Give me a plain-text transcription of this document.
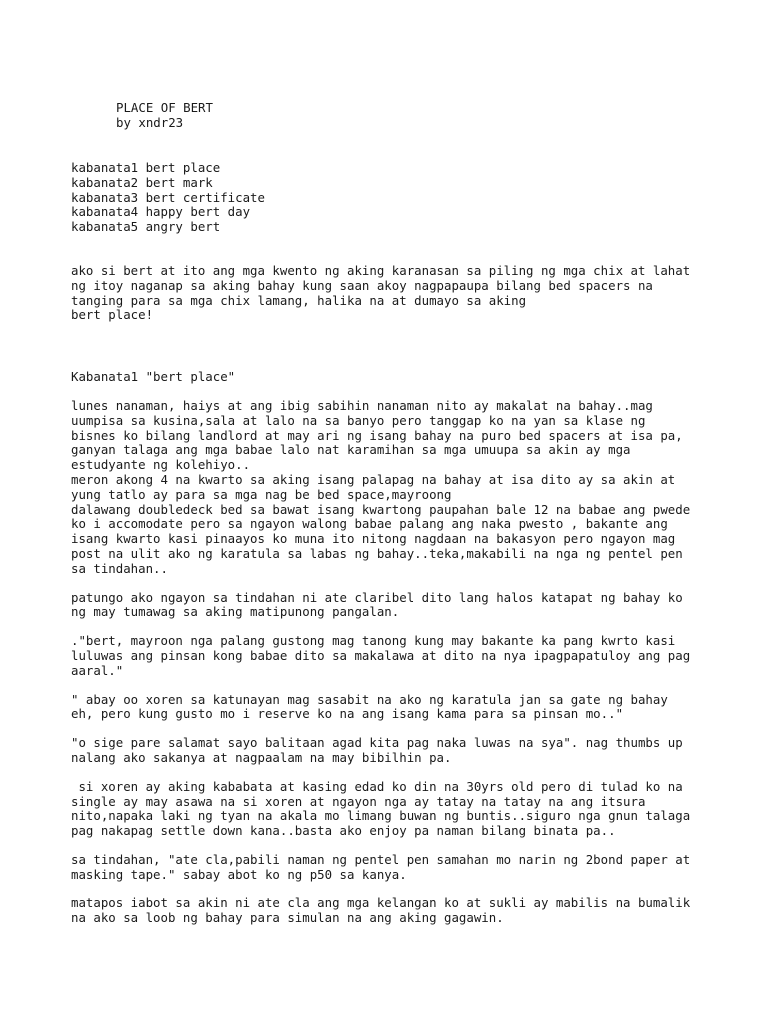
PLACE OF BERT
by xndr23
kabanata1 bert place
kabanata2 bert mark
kabanata3 bert certificate
kabanata4 happy bert day
kabanata5 angry bert
ako si bert at ito ang mga kwento ng aking karanasan sa piling ng mga chix at lahat
ng itoy naganap sa aking bahay kung saan akoy nagpapaupa bilang bed spacers na
tanging para sa mga chix lamang, halika na at dumayo sa aking
bert place!
Kabanata1 "bert place"
lunes nanaman, haiys at ang ibig sabihin nanaman nito ay makalat na bahay..mag
uumpisa sa kusina,sala at lalo na sa banyo pero tanggap ko na yan sa klase ng
bisnes ko bilang landlord at may ari ng isang bahay na puro bed spacers at isa pa,
ganyan talaga ang mga babae lalo nat karamihan sa mga umuupa sa akin ay mga
estudyante ng kolehiyo..
meron akong 4 na kwarto sa aking isang palapag na bahay at isa dito ay sa akin at
yung tatlo ay para sa mga nag be bed space,mayroong
dalawang doubledeck bed sa bawat isang kwartong paupahan bale 12 na babae ang pwede
ko i accomodate pero sa ngayon walong babae palang ang naka pwesto , bakante ang
isang kwarto kasi pinaayos ko muna ito nitong nagdaan na bakasyon pero ngayon mag
post na ulit ako ng karatula sa labas ng bahay..teka,makabili na nga ng pentel pen
sa tindahan..
patungo ako ngayon sa tindahan ni ate claribel dito lang halos katapat ng bahay ko
ng may tumawag sa aking matipunong pangalan.
."bert, mayroon nga palang gustong mag tanong kung may bakante ka pang kwrto kasi
luluwas ang pinsan kong babae dito sa makalawa at dito na nya ipagpapatuloy ang pag
aaral."
" abay oo xoren sa katunayan mag sasabit na ako ng karatula jan sa gate ng bahay
eh, pero kung gusto mo i reserve ko na ang isang kama para sa pinsan mo.."
"o sige pare salamat sayo balitaan agad kita pag naka luwas na sya". nag thumbs up
nalang ako sakanya at nagpaalam na may bibilhin pa.
si xoren ay aking kababata at kasing edad ko din na 30yrs old pero di tulad ko na
single ay may asawa na si xoren at ngayon nga ay tatay na tatay na ang itsura
nito,napaka laki ng tyan na akala mo limang buwan ng buntis..siguro nga gnun talaga
pag nakapag settle down kana..basta ako enjoy pa naman bilang binata pa..
sa tindahan, "ate cla,pabili naman ng pentel pen samahan mo narin ng 2bond paper at
masking tape." sabay abot ko ng p50 sa kanya.
matapos iabot sa akin ni ate cla ang mga kelangan ko at sukli ay mabilis na bumalik
na ako sa loob ng bahay para simulan na ang aking gagawin.
